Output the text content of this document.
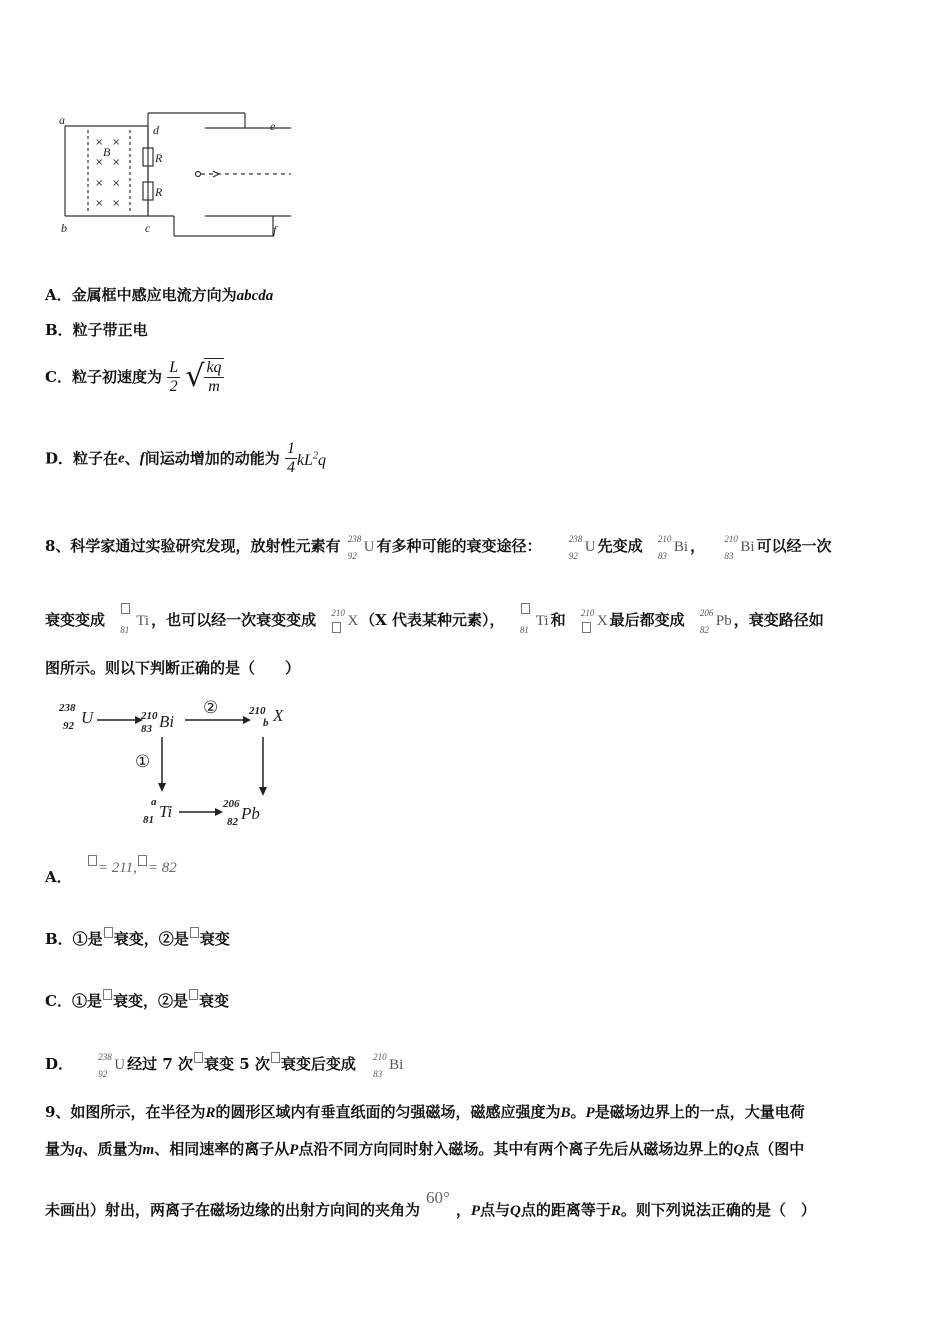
a
b	c
d	e
f
B	R
R
× ×
× ×
× ×
× ×
A．金属框中感应电流方向为abcda
B．粒子带正电
C．粒子初速度为 $\frac{L}{2}$ √ $\frac{kq}{m}$
D．粒子在e、f间运动增加的动能为 $\frac{1}{4} kL^2q$
8、科学家通过实验研究发现，放射性元素有 238
92
U 有多种可能的衰变途径：	238
92
U 先变成 210
83
Bi ， 210
83
Bi 可以经一次
衰变变成
81
Ti ，也可以经一次衰变变成 210 X （X 代表某种元素），
81
Ti 和 210 X 最后都变成 206
82
Pb ，衰变路径如
图所示。则以下判断正确的是（　　）
238
92 U	210
83 Bi
210
b X
a
81 Ti	206
82 Pb
②
①
A． = 211, = 82
B．①是 衰变，②是 衰变
C．①是 衰变，②是 衰变
D．	238
92
U 经过 7 次 衰变 5 次 衰变后变成 210
83
Bi
9、如图所示，在半径为R的圆形区域内有垂直纸面的匀强磁场，磁感应强度为B。P是磁场边界上的一点，大量电荷
量为q、质量为m、相同速率的离子从P点沿不同方向同时射入磁场。其中有两个离子先后从磁场边界上的Q点（图中
未画出）射出，两离子在磁场边缘的出射方向间的夹角为60°，P点与Q点的距离等于R。则下列说法正确的是（　）
